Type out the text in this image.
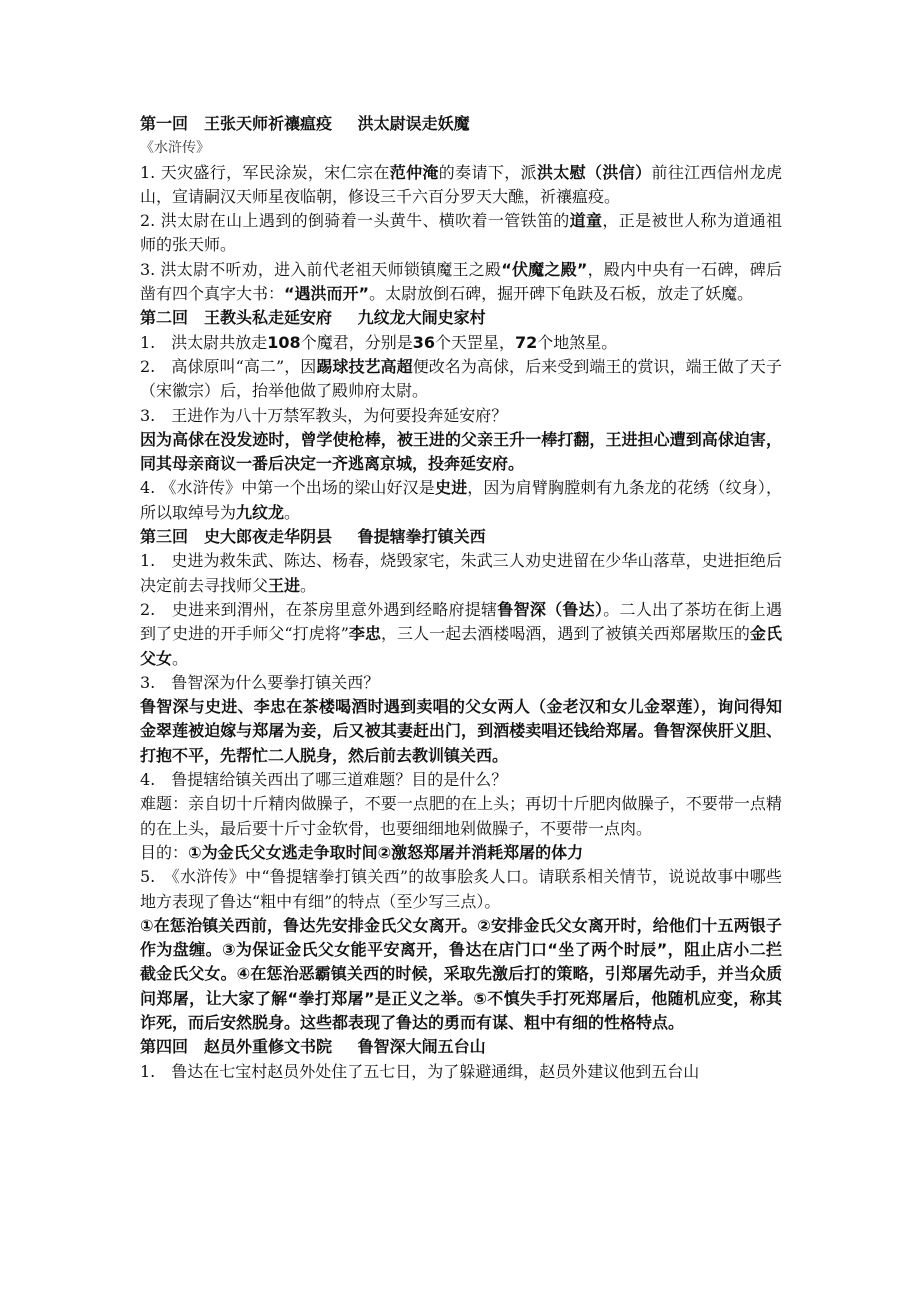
第一回　王张天师祈禳瘟疫 洪太尉误走妖魔

《水浒传》

1. 天灾盛行，军民涂炭，宋仁宗在范仲淹的奏请下，派洪太慰（洪信）前往江西信州龙虎山，宣请嗣汉天师星夜临朝，修设三千六百分罗天大醮，祈禳瘟疫。

2. 洪太尉在山上遇到的倒骑着一头黄牛、横吹着一管铁笛的道童，正是被世人称为道通祖师的张天师。

3. 洪太尉不听劝，进入前代老祖天师锁镇魔王之殿“伏魔之殿”，殿内中央有一石碑，碑后凿有四个真字大书：“遇洪而开”。太尉放倒石碑，掘开碑下龟趺及石板，放走了妖魔。

第二回　王教头私走延安府 九纹龙大闹史家村

1.　洪太尉共放走108个魔君，分别是36个天罡星，72个地煞星。

2.　高俅原叫“高二”，因踢球技艺高超便改名为高俅，后来受到端王的赏识，端王做了天子（宋徽宗）后，抬举他做了殿帅府太尉。

3.　王进作为八十万禁军教头，为何要投奔延安府？

因为高俅在没发迹时，曾学使枪棒，被王进的父亲王升一棒打翻，王进担心遭到高俅迫害，同其母亲商议一番后决定一齐逃离京城，投奔延安府。

4. 《水浒传》中第一个出场的梁山好汉是史进，因为肩臂胸膛刺有九条龙的花绣（纹身），所以取绰号为九纹龙。

第三回　史大郎夜走华阴县 鲁提辖拳打镇关西

1.　史进为救朱武、陈达、杨春，烧毁家宅，朱武三人劝史进留在少华山落草，史进拒绝后决定前去寻找师父王进。

2.　史进来到渭州，在茶房里意外遇到经略府提辖鲁智深（鲁达）。二人出了茶坊在街上遇到了史进的开手师父“打虎将”李忠，三人一起去酒楼喝酒，遇到了被镇关西郑屠欺压的金氏父女。

3.　鲁智深为什么要拳打镇关西？

鲁智深与史进、李忠在茶楼喝酒时遇到卖唱的父女两人（金老汉和女儿金翠莲），询问得知金翠莲被迫嫁与郑屠为妾，后又被其妻赶出门，到酒楼卖唱还钱给郑屠。鲁智深侠肝义胆、打抱不平，先帮忙二人脱身，然后前去教训镇关西。

4.　鲁提辖给镇关西出了哪三道难题？目的是什么？

难题：亲自切十斤精肉做臊子，不要一点肥的在上头；再切十斤肥肉做臊子，不要带一点精的在上头，最后要十斤寸金软骨，也要细细地剁做臊子，不要带一点肉。

目的：①为金氏父女逃走争取时间②激怒郑屠并消耗郑屠的体力

5.　《水浒传》中“鲁提辖拳打镇关西”的故事脍炙人口。请联系相关情节，说说故事中哪些地方表现了鲁达“粗中有细”的特点（至少写三点）。

①在惩治镇关西前，鲁达先安排金氏父女离开。②安排金氏父女离开时，给他们十五两银子作为盘缠。③为保证金氏父女能平安离开，鲁达在店门口“坐了两个时辰”，阻止店小二拦截金氏父女。④在惩治恶霸镇关西的时候，采取先激后打的策略，引郑屠先动手，并当众质问郑屠，让大家了解“拳打郑屠”是正义之举。⑤不慎失手打死郑屠后，他随机应变，称其诈死，而后安然脱身。这些都表现了鲁达的勇而有谋、粗中有细的性格特点。

第四回　赵员外重修文书院 鲁智深大闹五台山

1.　鲁达在七宝村赵员外处住了五七日，为了躲避通缉，赵员外建议他到五台山
